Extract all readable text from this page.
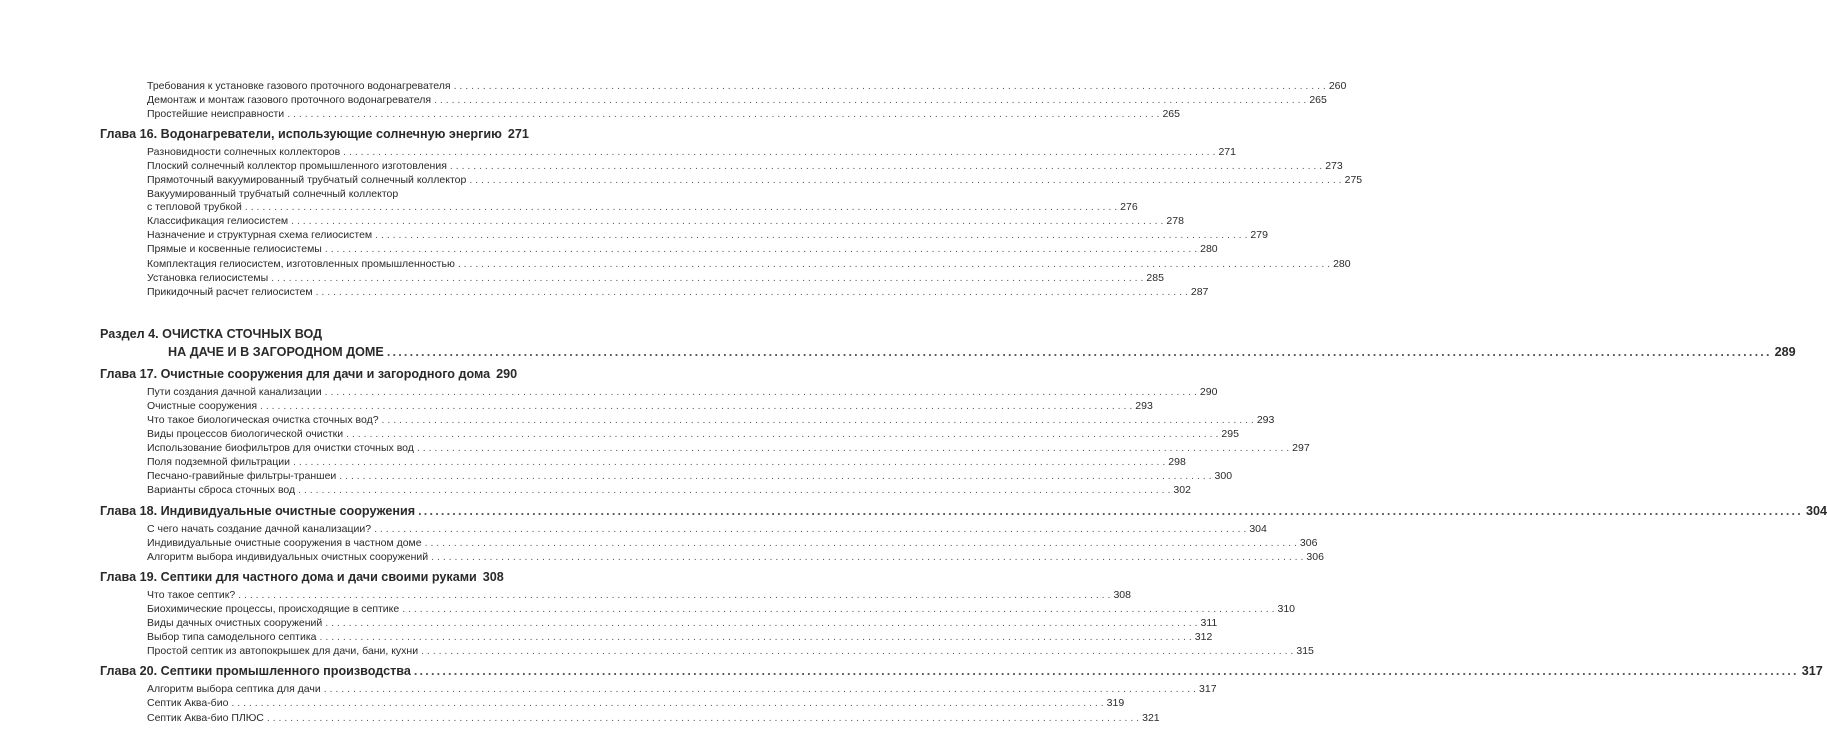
Требования к установке газового проточного водонагревателя . . .	260
Демонтаж и монтаж газового проточного водонагревателя . . .	265
Простейшие неисправности . . .	265
Глава 16. Водонагреватели, использующие солнечную энергию 271
Разновидности солнечных коллекторов . . .	271
Плоский солнечный коллектор промышленного изготовления . . .	273
Прямоточный вакуумированный трубчатый солнечный коллектор . . .	275
Вакуумированный трубчатый солнечный коллектор
с тепловой трубкой . . .	276
Классификация гелиосистем . . .	278
Назначение и структурная схема гелиосистем . . .	279
Прямые и косвенные гелиосистемы . . .	280
Комплектация гелиосистем, изготовленных промышленностью . . .	280
Установка гелиосистемы . . .	285
Прикидочный расчет гелиосистем . . .	287
Раздел 4. ОЧИСТКА СТОЧНЫХ ВОД
НА ДАЧЕ И В ЗАГОРОДНОМ ДОМЕ .....	289
Глава 17. Очистные сооружения для дачи и загородного дома 290
Пути создания дачной канализации . . .	290
Очистные сооружения . . .	293
Что такое биологическая очистка сточных вод? . . .	293
Виды процессов биологической очистки . . .	295
Использование биофильтров для очистки сточных вод . . .	297
Поля подземной фильтрации . . .	298
Песчано-гравийные фильтры-траншеи . . .	300
Варианты сброса сточных вод . . .	302
Глава 18. Индивидуальные очистные сооружения .....	304
С чего начать создание дачной канализации? . . .	304
Индивидуальные очистные сооружения в частном доме . . .	306
Алгоритм выбора индивидуальных очистных сооружений . . .	306
Глава 19. Септики для частного дома и дачи своими руками 308
Что такое септик? . . .	308
Биохимические процессы, происходящие в септике . . .	310
Виды дачных очистных сооружений . . .	311
Выбор типа самодельного септика . . .	312
Простой септик из автопокрышек для дачи, бани, кухни . . .	315
Глава 20. Септики промышленного производства .....	317
Алгоритм выбора септика для дачи . . .	317
Септик Аква-био . . .	319
Септик Аква-био ПЛЮС . . .	321
